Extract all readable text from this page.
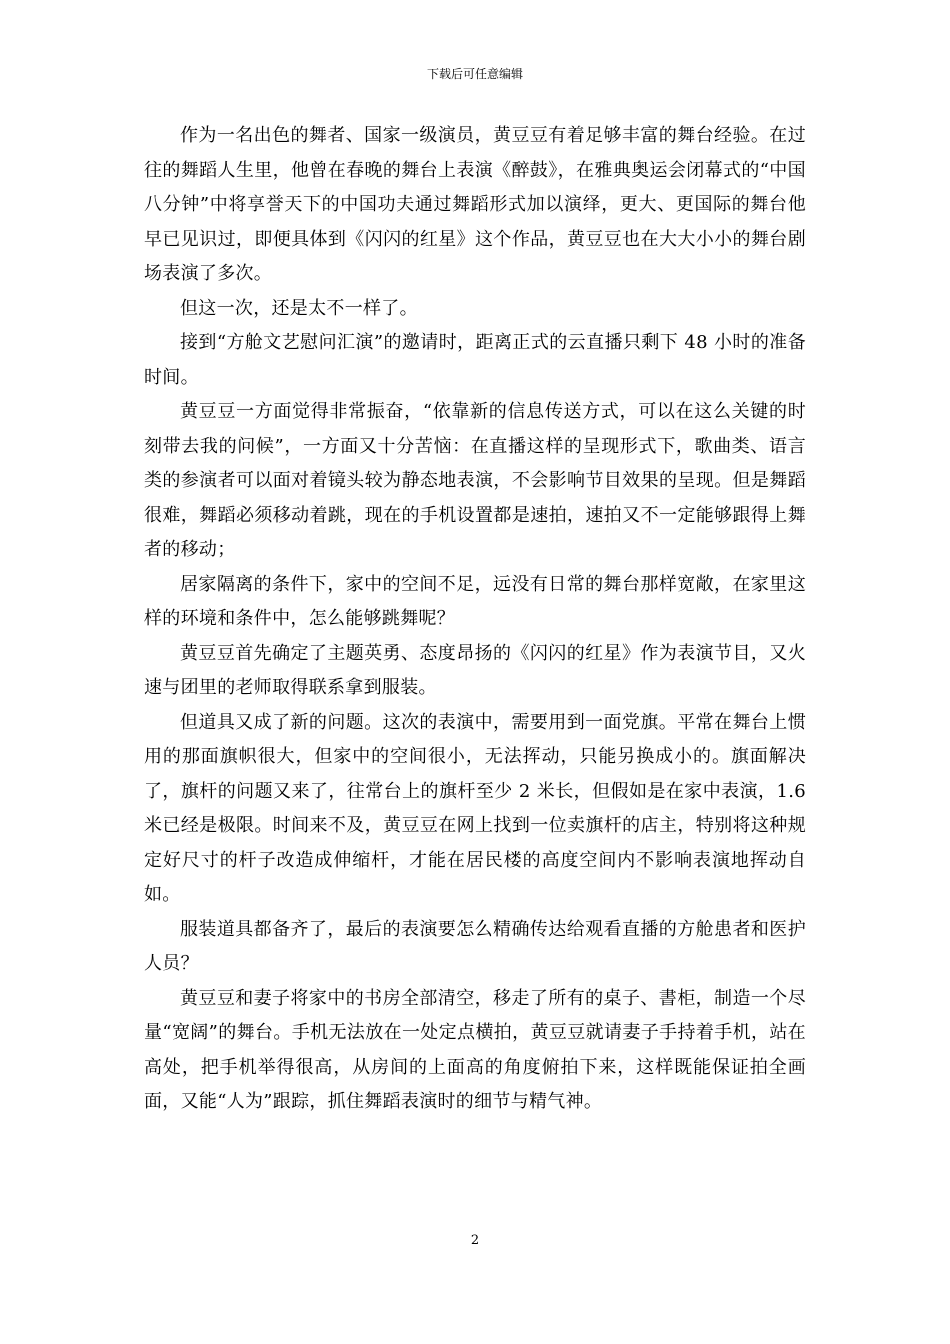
下载后可任意编辑

作为一名出色的舞者、国家一级演员，黄豆豆有着足够丰富的舞台经验。在过往的舞蹈人生里，他曾在春晚的舞台上表演《醉鼓》，在雅典奥运会闭幕式的“中国八分钟”中将享誉天下的中国功夫通过舞蹈形式加以演绎，更大、更国际的舞台他早已见识过，即便具体到《闪闪的红星》这个作品，黄豆豆也在大大小小的舞台剧场表演了多次。

但这一次，还是太不一样了。

接到“方舱文艺慰问汇演”的邀请时，距离正式的云直播只剩下 48 小时的准备时间。

黄豆豆一方面觉得非常振奋，“依靠新的信息传送方式，可以在这么关键的时刻带去我的问候”，一方面又十分苦恼：在直播这样的呈现形式下，歌曲类、语言类的参演者可以面对着镜头较为静态地表演，不会影响节目效果的呈现。但是舞蹈很难，舞蹈必须移动着跳，现在的手机设置都是速拍，速拍又不一定能够跟得上舞者的移动；

居家隔离的条件下，家中的空间不足，远没有日常的舞台那样宽敞，在家里这样的环境和条件中，怎么能够跳舞呢？

黄豆豆首先确定了主题英勇、态度昂扬的《闪闪的红星》作为表演节目，又火速与团里的老师取得联系拿到服装。

但道具又成了新的问题。这次的表演中，需要用到一面党旗。平常在舞台上惯用的那面旗帜很大，但家中的空间很小，无法挥动，只能另换成小的。旗面解决了，旗杆的问题又来了，往常台上的旗杆至少 2 米长，但假如是在家中表演，1.6 米已经是极限。时间来不及，黄豆豆在网上找到一位卖旗杆的店主，特别将这种规定好尺寸的杆子改造成伸缩杆，才能在居民楼的高度空间内不影响表演地挥动自如。

服装道具都备齐了，最后的表演要怎么精确传达给观看直播的方舱患者和医护人员？

黄豆豆和妻子将家中的书房全部清空，移走了所有的桌子、書柜，制造一个尽量“宽阔”的舞台。手机无法放在一处定点横拍，黄豆豆就请妻子手持着手机，站在高处，把手机举得很高，从房间的上面高的角度俯拍下来，这样既能保证拍全画面，又能“人为”跟踪，抓住舞蹈表演时的细节与精气神。

2
